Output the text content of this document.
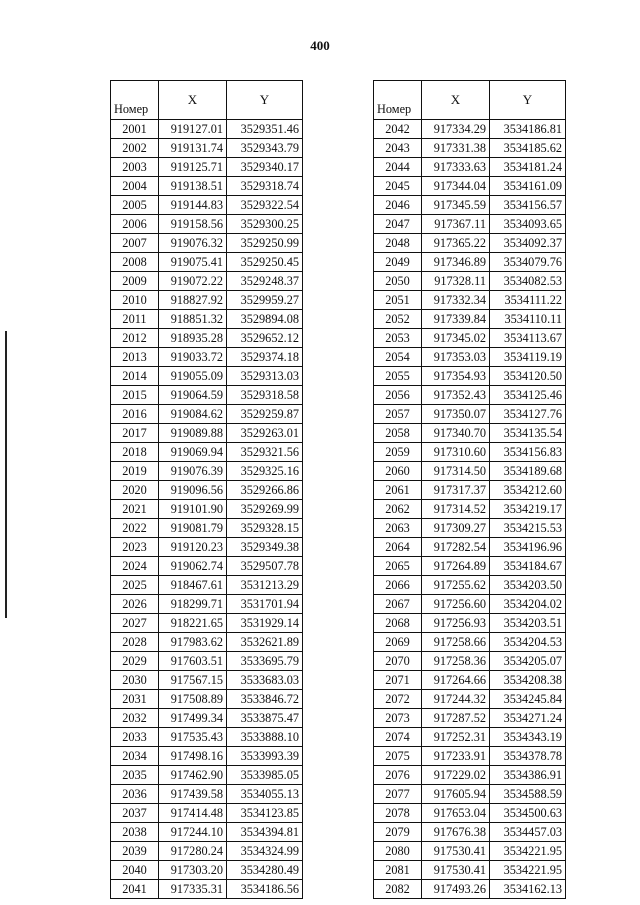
400
Номер	X	Y
2001	919127.01	3529351.46
2002	919131.74	3529343.79
2003	919125.71	3529340.17
2004	919138.51	3529318.74
2005	919144.83	3529322.54
2006	919158.56	3529300.25
2007	919076.32	3529250.99
2008	919075.41	3529250.45
2009	919072.22	3529248.37
2010	918827.92	3529959.27
2011	918851.32	3529894.08
2012	918935.28	3529652.12
2013	919033.72	3529374.18
2014	919055.09	3529313.03
2015	919064.59	3529318.58
2016	919084.62	3529259.87
2017	919089.88	3529263.01
2018	919069.94	3529321.56
2019	919076.39	3529325.16
2020	919096.56	3529266.86
2021	919101.90	3529269.99
2022	919081.79	3529328.15
2023	919120.23	3529349.38
2024	919062.74	3529507.78
2025	918467.61	3531213.29
2026	918299.71	3531701.94
2027	918221.65	3531929.14
2028	917983.62	3532621.89
2029	917603.51	3533695.79
2030	917567.15	3533683.03
2031	917508.89	3533846.72
2032	917499.34	3533875.47
2033	917535.43	3533888.10
2034	917498.16	3533993.39
2035	917462.90	3533985.05
2036	917439.58	3534055.13
2037	917414.48	3534123.85
2038	917244.10	3534394.81
2039	917280.24	3534324.99
2040	917303.20	3534280.49
2041	917335.31	3534186.56
Номер	X	Y
2042	917334.29	3534186.81
2043	917331.38	3534185.62
2044	917333.63	3534181.24
2045	917344.04	3534161.09
2046	917345.59	3534156.57
2047	917367.11	3534093.65
2048	917365.22	3534092.37
2049	917346.89	3534079.76
2050	917328.11	3534082.53
2051	917332.34	3534111.22
2052	917339.84	3534110.11
2053	917345.02	3534113.67
2054	917353.03	3534119.19
2055	917354.93	3534120.50
2056	917352.43	3534125.46
2057	917350.07	3534127.76
2058	917340.70	3534135.54
2059	917310.60	3534156.83
2060	917314.50	3534189.68
2061	917317.37	3534212.60
2062	917314.52	3534219.17
2063	917309.27	3534215.53
2064	917282.54	3534196.96
2065	917264.89	3534184.67
2066	917255.62	3534203.50
2067	917256.60	3534204.02
2068	917256.93	3534203.51
2069	917258.66	3534204.53
2070	917258.36	3534205.07
2071	917264.66	3534208.38
2072	917244.32	3534245.84
2073	917287.52	3534271.24
2074	917252.31	3534343.19
2075	917233.91	3534378.78
2076	917229.02	3534386.91
2077	917605.94	3534588.59
2078	917653.04	3534500.63
2079	917676.38	3534457.03
2080	917530.41	3534221.95
2081	917530.41	3534221.95
2082	917493.26	3534162.13
